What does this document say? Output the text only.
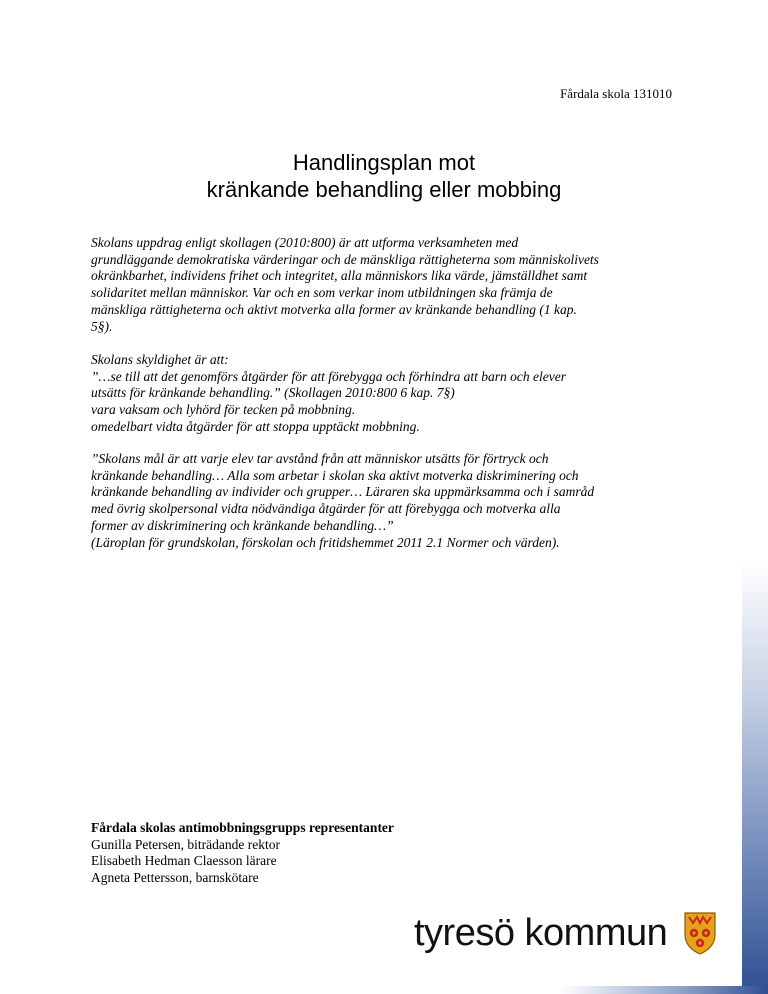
Fårdala skola 131010
Handlingsplan mot
kränkande behandling eller mobbing

Skolans uppdrag enligt skollagen (2010:800) är att utforma verksamheten med

grundläggande demokratiska värderingar och de mänskliga rättigheterna som människolivets

okränkbarhet, individens frihet och integritet, alla människors lika värde, jämställdhet samt

solidaritet mellan människor. Var och en som verkar inom utbildningen ska främja de

mänskliga rättigheterna och aktivt motverka alla former av kränkande behandling (1 kap.

5§).

Skolans skyldighet är att:

”…se till att det genomförs åtgärder för att förebygga och förhindra att barn och elever

utsätts för kränkande behandling.” (Skollagen 2010:800 6 kap. 7§)

vara vaksam och lyhörd för tecken på mobbning.

omedelbart vidta åtgärder för att stoppa upptäckt mobbning.

”Skolans mål är att varje elev tar avstånd från att människor utsätts för förtryck och

kränkande behandling… Alla som arbetar i skolan ska aktivt motverka diskriminering och

kränkande behandling av individer och grupper… Läraren ska uppmärksamma och i samråd

med övrig skolpersonal vidta nödvändiga åtgärder för att förebygga och motverka alla

former av diskriminering och kränkande behandling…”

(Läroplan för grundskolan, förskolan och fritidshemmet 2011 2.1 Normer och värden).

Fårdala skolas antimobbningsgrupps representanter
Gunilla Petersen, biträdande rektor
Elisabeth Hedman Claesson lärare
Agneta Pettersson, barnskötare
tyresö kommun
